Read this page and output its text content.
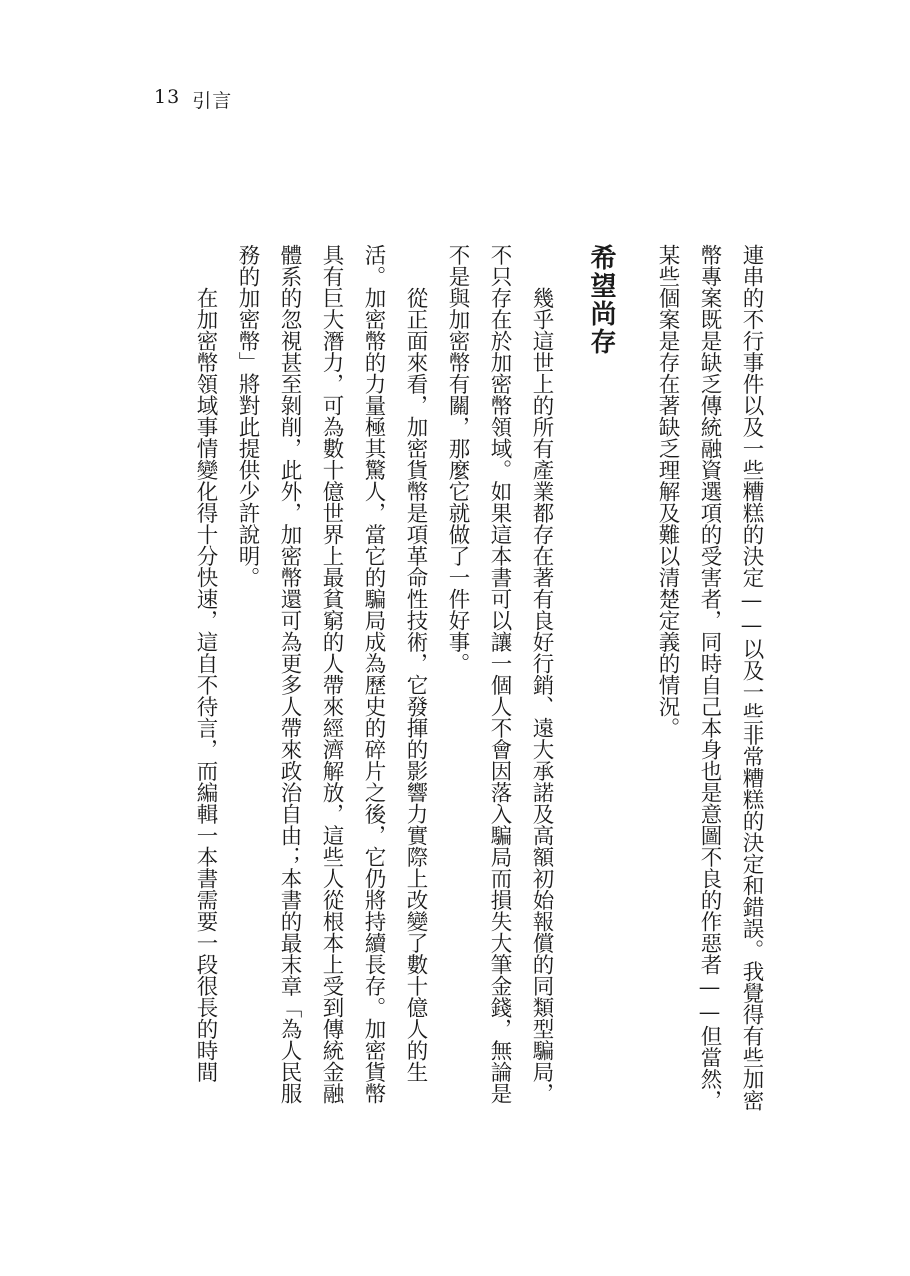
13 引言

連串的不行事件以及一些糟糕的決定——以及一些非常糟糕的決定和錯誤。我覺得有些加密幣專案既是缺乏傳統融資選項的受害者，同時自己本身也是意圖不良的作惡者——但當然，某些個案是存在著缺乏理解及難以清楚定義的情況。

希望尚存

幾乎這世上的所有產業都存在著有良好行銷、遠大承諾及高額初始報償的同類型騙局，不只存在於加密幣領域。如果這本書可以讓一個人不會因落入騙局而損失大筆金錢，無論是不是與加密幣有關，那麼它就做了一件好事。

從正面來看，加密貨幣是項革命性技術，它發揮的影響力實際上改變了數十億人的生活。加密幣的力量極其驚人，當它的騙局成為歷史的碎片之後，它仍將持續長存。加密貨幣具有巨大潛力，可為數十億世界上最貧窮的人帶來經濟解放，這些人從根本上受到傳統金融體系的忽視甚至剝削，此外，加密幣還可為更多人帶來政治自由；本書的最末章「為人民服務的加密幣」將對此提供少許說明。

在加密幣領域事情變化得十分快速，這自不待言，而編輯一本書需要一段很長的時間
